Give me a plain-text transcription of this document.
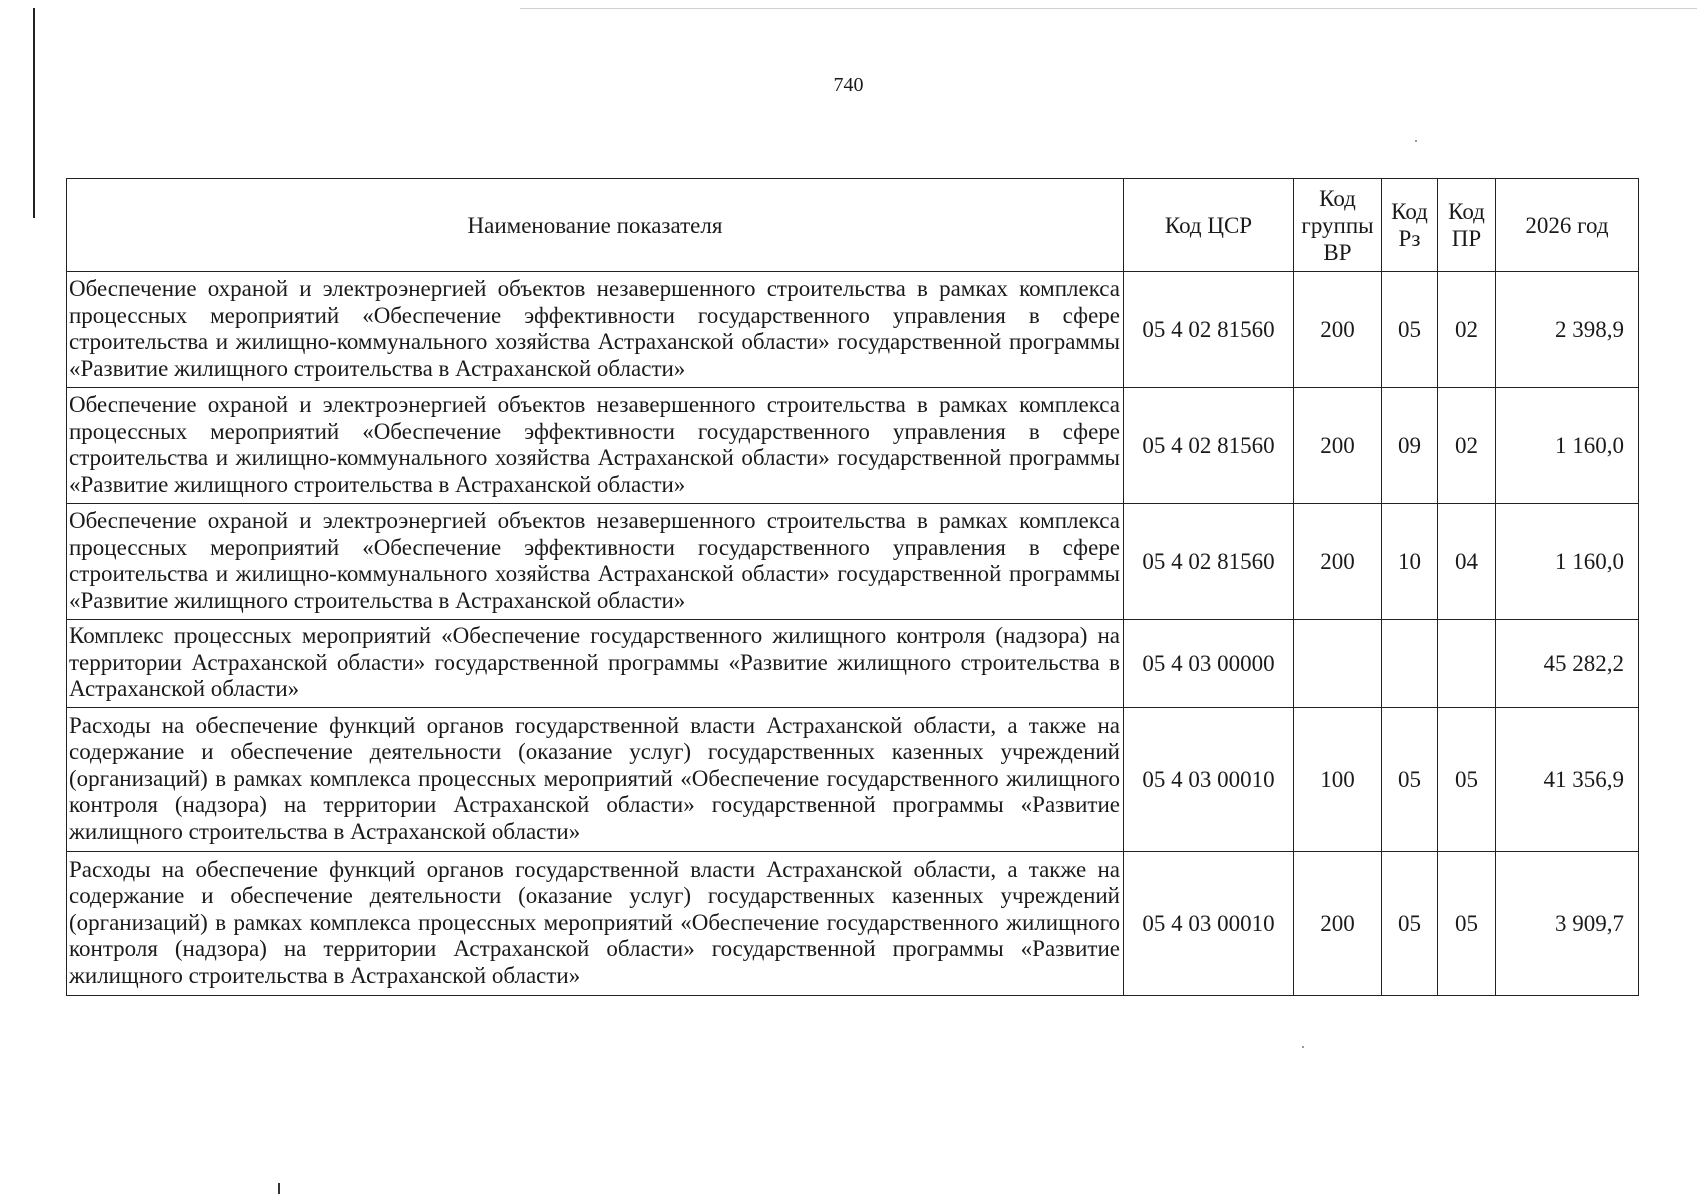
740
Наименование показателя	Код ЦСР	Код группы ВР	Код Рз	Код ПР	2026 год
Обеспечение охраной и электроэнергией объектов незавершенного строительства в рамках комплекса процессных мероприятий «Обеспечение эффективности государственного управления в сфере строительства и жилищно-коммунального хозяйства Астраханской области» государственной программы «Развитие жилищного строительства в Астраханской области»	05 4 02 81560	200	05	02	2 398,9
Обеспечение охраной и электроэнергией объектов незавершенного строительства в рамках комплекса процессных мероприятий «Обеспечение эффективности государственного управления в сфере строительства и жилищно-коммунального хозяйства Астраханской области» государственной программы «Развитие жилищного строительства в Астраханской области»	05 4 02 81560	200	09	02	1 160,0
Обеспечение охраной и электроэнергией объектов незавершенного строительства в рамках комплекса процессных мероприятий «Обеспечение эффективности государственного управления в сфере строительства и жилищно-коммунального хозяйства Астраханской области» государственной программы «Развитие жилищного строительства в Астраханской области»	05 4 02 81560	200	10	04	1 160,0
Комплекс процессных мероприятий «Обеспечение государственного жилищного контроля (надзора) на территории Астраханской области» государственной программы «Развитие жилищного строительства в Астраханской области»	05 4 03 00000				45 282,2
Расходы на обеспечение функций органов государственной власти Астраханской области, а также на содержание и обеспечение деятельности (оказание услуг) государственных казенных учреждений (организаций) в рамках комплекса процессных мероприятий «Обеспечение государственного жилищного контроля (надзора) на территории Астраханской области» государственной программы «Развитие жилищного строительства в Астраханской области»	05 4 03 00010	100	05	05	41 356,9
Расходы на обеспечение функций органов государственной власти Астраханской области, а также на содержание и обеспечение деятельности (оказание услуг) государственных казенных учреждений (организаций) в рамках комплекса процессных мероприятий «Обеспечение государственного жилищного контроля (надзора) на территории Астраханской области» государственной программы «Развитие жилищного строительства в Астраханской области»	05 4 03 00010	200	05	05	3 909,7
